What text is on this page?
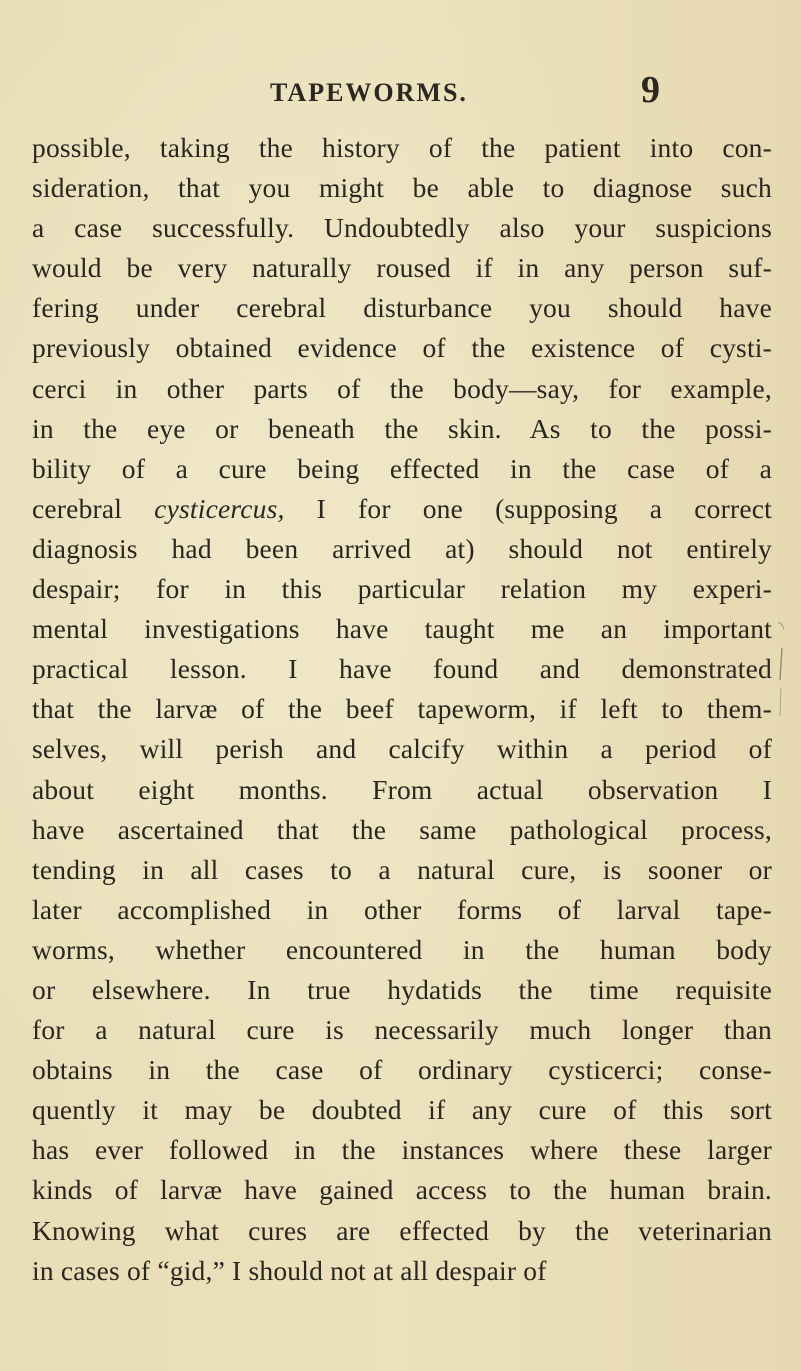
TAPEWORMS.	9
possible, taking the history of the patient into con-
sideration, that you might be able to diagnose such
a case successfully. Undoubtedly also your suspicions
would be very naturally roused if in any person suf-
fering under cerebral disturbance you should have
previously obtained evidence of the existence of cysti-
cerci in other parts of the body—say, for example,
in the eye or beneath the skin. As to the possi-
bility of a cure being effected in the case of a
cerebral cysticercus, I for one (supposing a correct
diagnosis had been arrived at) should not entirely
despair; for in this particular relation my experi-
mental investigations have taught me an important
practical lesson. I have found and demonstrated
that the larvæ of the beef tapeworm, if left to them-
selves, will perish and calcify within a period of
about eight months. From actual observation I
have ascertained that the same pathological process,
tending in all cases to a natural cure, is sooner or
later accomplished in other forms of larval tape-
worms, whether encountered in the human body
or elsewhere. In true hydatids the time requisite
for a natural cure is necessarily much longer than
obtains in the case of ordinary cysticerci; conse-
quently it may be doubted if any cure of this sort
has ever followed in the instances where these larger
kinds of larvæ have gained access to the human brain.
Knowing what cures are effected by the veterinarian
in cases of “gid,” I should not at all despair of
